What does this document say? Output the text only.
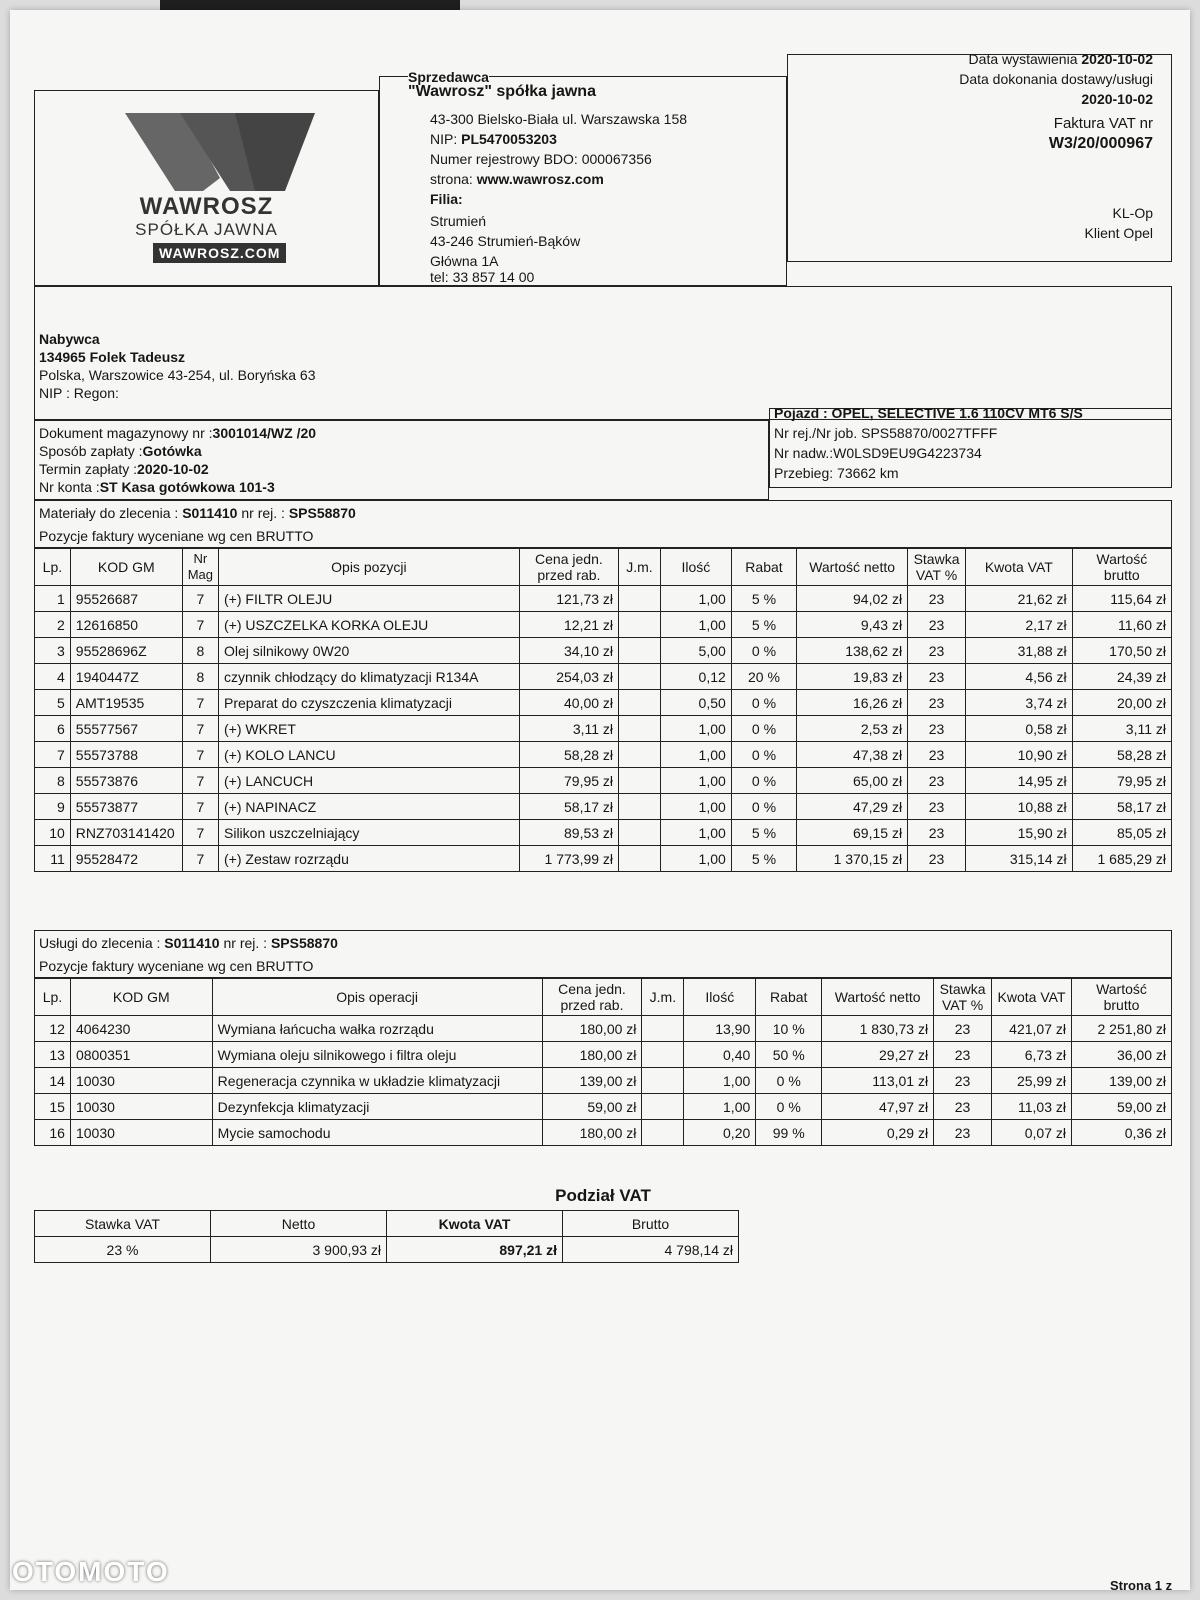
WAWROSZ
SPÓŁKA JAWNA
WAWROSZ.COM
Sprzedawca
"Wawrosz" spółka jawna
43-300 Bielsko-Biała ul. Warszawska 158
NIP: PL5470053203
Numer rejestrowy BDO: 000067356
strona: www.wawrosz.com
Filia:
Strumień
43-246 Strumień-Bąków
Główna 1A
tel: 33 857 14 00
Data wystawienia 2020-10-02
Data dokonania dostawy/usługi
2020-10-02
Faktura VAT nr
W3/20/000967
KL-Op
Klient Opel
Nabywca
134965 Folek Tadeusz
Polska, Warszowice 43-254, ul. Boryńska 63
NIP : Regon:
Dokument magazynowy nr :3001014/WZ /20
Sposób zapłaty :Gotówka
Termin zapłaty :2020-10-02
Nr konta :ST Kasa gotówkowa 101-3
Pojazd : OPEL, SELECTIVE 1.6 110CV MT6 S/S
Nr rej./Nr job. SPS58870/0027TFFF
Nr nadw.:W0LSD9EU9G4223734
Przebieg: 73662 km
Materiały do zlecenia : S011410 nr rej. : SPS58870
Pozycje faktury wyceniane wg cen BRUTTO
Lp.	KOD GM	Nr Mag	Opis pozycji	Cena jedn. przed rab.	J.m.	Ilość	Rabat	Wartość netto	Stawka VAT %	Kwota VAT	Wartość brutto
1	95526687	7	(+) FILTR OLEJU	121,73 zł		1,00	5 %	94,02 zł	23	21,62 zł	115,64 zł
2	12616850	7	(+) USZCZELKA KORKA OLEJU	12,21 zł		1,00	5 %	9,43 zł	23	2,17 zł	11,60 zł
3	95528696Z	8	Olej silnikowy 0W20	34,10 zł		5,00	0 %	138,62 zł	23	31,88 zł	170,50 zł
4	1940447Z	8	czynnik chłodzący do klimatyzacji R134A	254,03 zł		0,12	20 %	19,83 zł	23	4,56 zł	24,39 zł
5	AMT19535	7	Preparat do czyszczenia klimatyzacji	40,00 zł		0,50	0 %	16,26 zł	23	3,74 zł	20,00 zł
6	55577567	7	(+) WKRET	3,11 zł		1,00	0 %	2,53 zł	23	0,58 zł	3,11 zł
7	55573788	7	(+) KOLO LANCU	58,28 zł		1,00	0 %	47,38 zł	23	10,90 zł	58,28 zł
8	55573876	7	(+) LANCUCH	79,95 zł		1,00	0 %	65,00 zł	23	14,95 zł	79,95 zł
9	55573877	7	(+) NAPINACZ	58,17 zł		1,00	0 %	47,29 zł	23	10,88 zł	58,17 zł
10	RNZ703141420	7	Silikon uszczelniający	89,53 zł		1,00	5 %	69,15 zł	23	15,90 zł	85,05 zł
11	95528472	7	(+) Zestaw rozrządu	1 773,99 zł		1,00	5 %	1 370,15 zł	23	315,14 zł	1 685,29 zł
Usługi do zlecenia : S011410 nr rej. : SPS58870
Pozycje faktury wyceniane wg cen BRUTTO
Lp.	KOD GM	Opis operacji	Cena jedn. przed rab.	J.m.	Ilość	Rabat	Wartość netto	Stawka VAT %	Kwota VAT	Wartość brutto
12	4064230	Wymiana łańcucha wałka rozrządu	180,00 zł		13,90	10 %	1 830,73 zł	23	421,07 zł	2 251,80 zł
13	0800351	Wymiana oleju silnikowego i filtra oleju	180,00 zł		0,40	50 %	29,27 zł	23	6,73 zł	36,00 zł
14	10030	Regeneracja czynnika w układzie klimatyzacji	139,00 zł		1,00	0 %	113,01 zł	23	25,99 zł	139,00 zł
15	10030	Dezynfekcja klimatyzacji	59,00 zł		1,00	0 %	47,97 zł	23	11,03 zł	59,00 zł
16	10030	Mycie samochodu	180,00 zł		0,20	99 %	0,29 zł	23	0,07 zł	0,36 zł
Podział VAT
Stawka VAT	Netto	Kwota VAT	Brutto	
23 %	3 900,93 zł	897,21 zł	4 798,14 zł	
Strona 1 z
OTOMOTO
